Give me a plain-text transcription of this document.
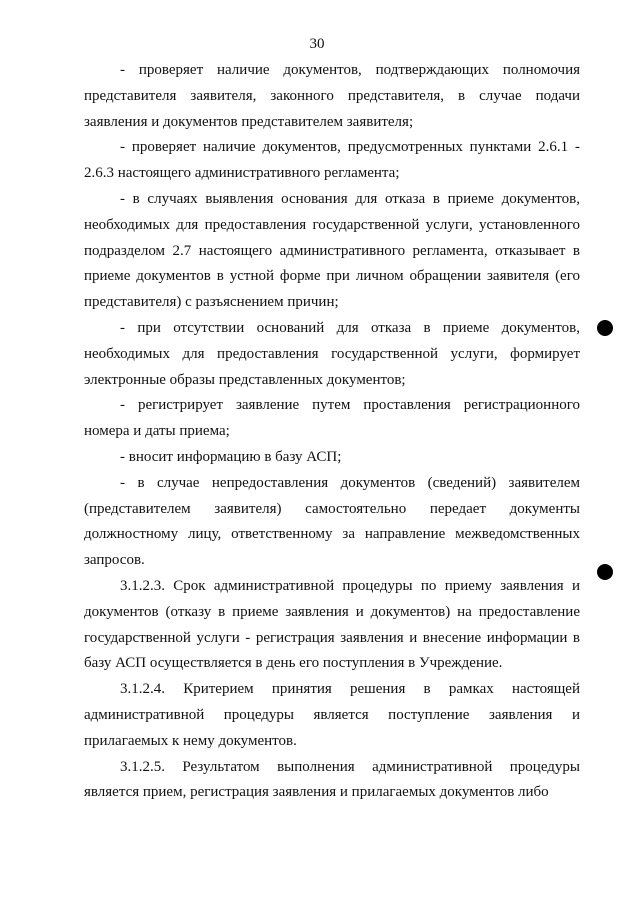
30

- проверяет наличие документов, подтверждающих полномочия представителя заявителя, законного представителя, в случае подачи заявления и документов представителем заявителя;

- проверяет наличие документов, предусмотренных пунктами 2.6.1 - 2.6.3 настоящего административного регламента;

- в случаях выявления основания для отказа в приеме документов, необходимых для предоставления государственной услуги, установленного подразделом 2.7 настоящего административного регламента, отказывает в приеме документов в устной форме при личном обращении заявителя (его представителя) с разъяснением причин;

- при отсутствии оснований для отказа в приеме документов, необходимых для предоставления государственной услуги, формирует электронные образы представленных документов;

- регистрирует заявление путем проставления регистрационного номера и даты приема;

- вносит информацию в базу АСП;

- в случае непредоставления документов (сведений) заявителем (представителем заявителя) самостоятельно передает документы должностному лицу, ответственному за направление межведомственных запросов.

3.1.2.3. Срок административной процедуры по приему заявления и документов (отказу в приеме заявления и документов) на предоставление государственной услуги - регистрация заявления и внесение информации в базу АСП осуществляется в день его поступления в Учреждение.

3.1.2.4. Критерием принятия решения в рамках настоящей административной процедуры является поступление заявления и прилагаемых к нему документов.

3.1.2.5. Результатом выполнения административной процедуры является прием, регистрация заявления и прилагаемых документов либо
